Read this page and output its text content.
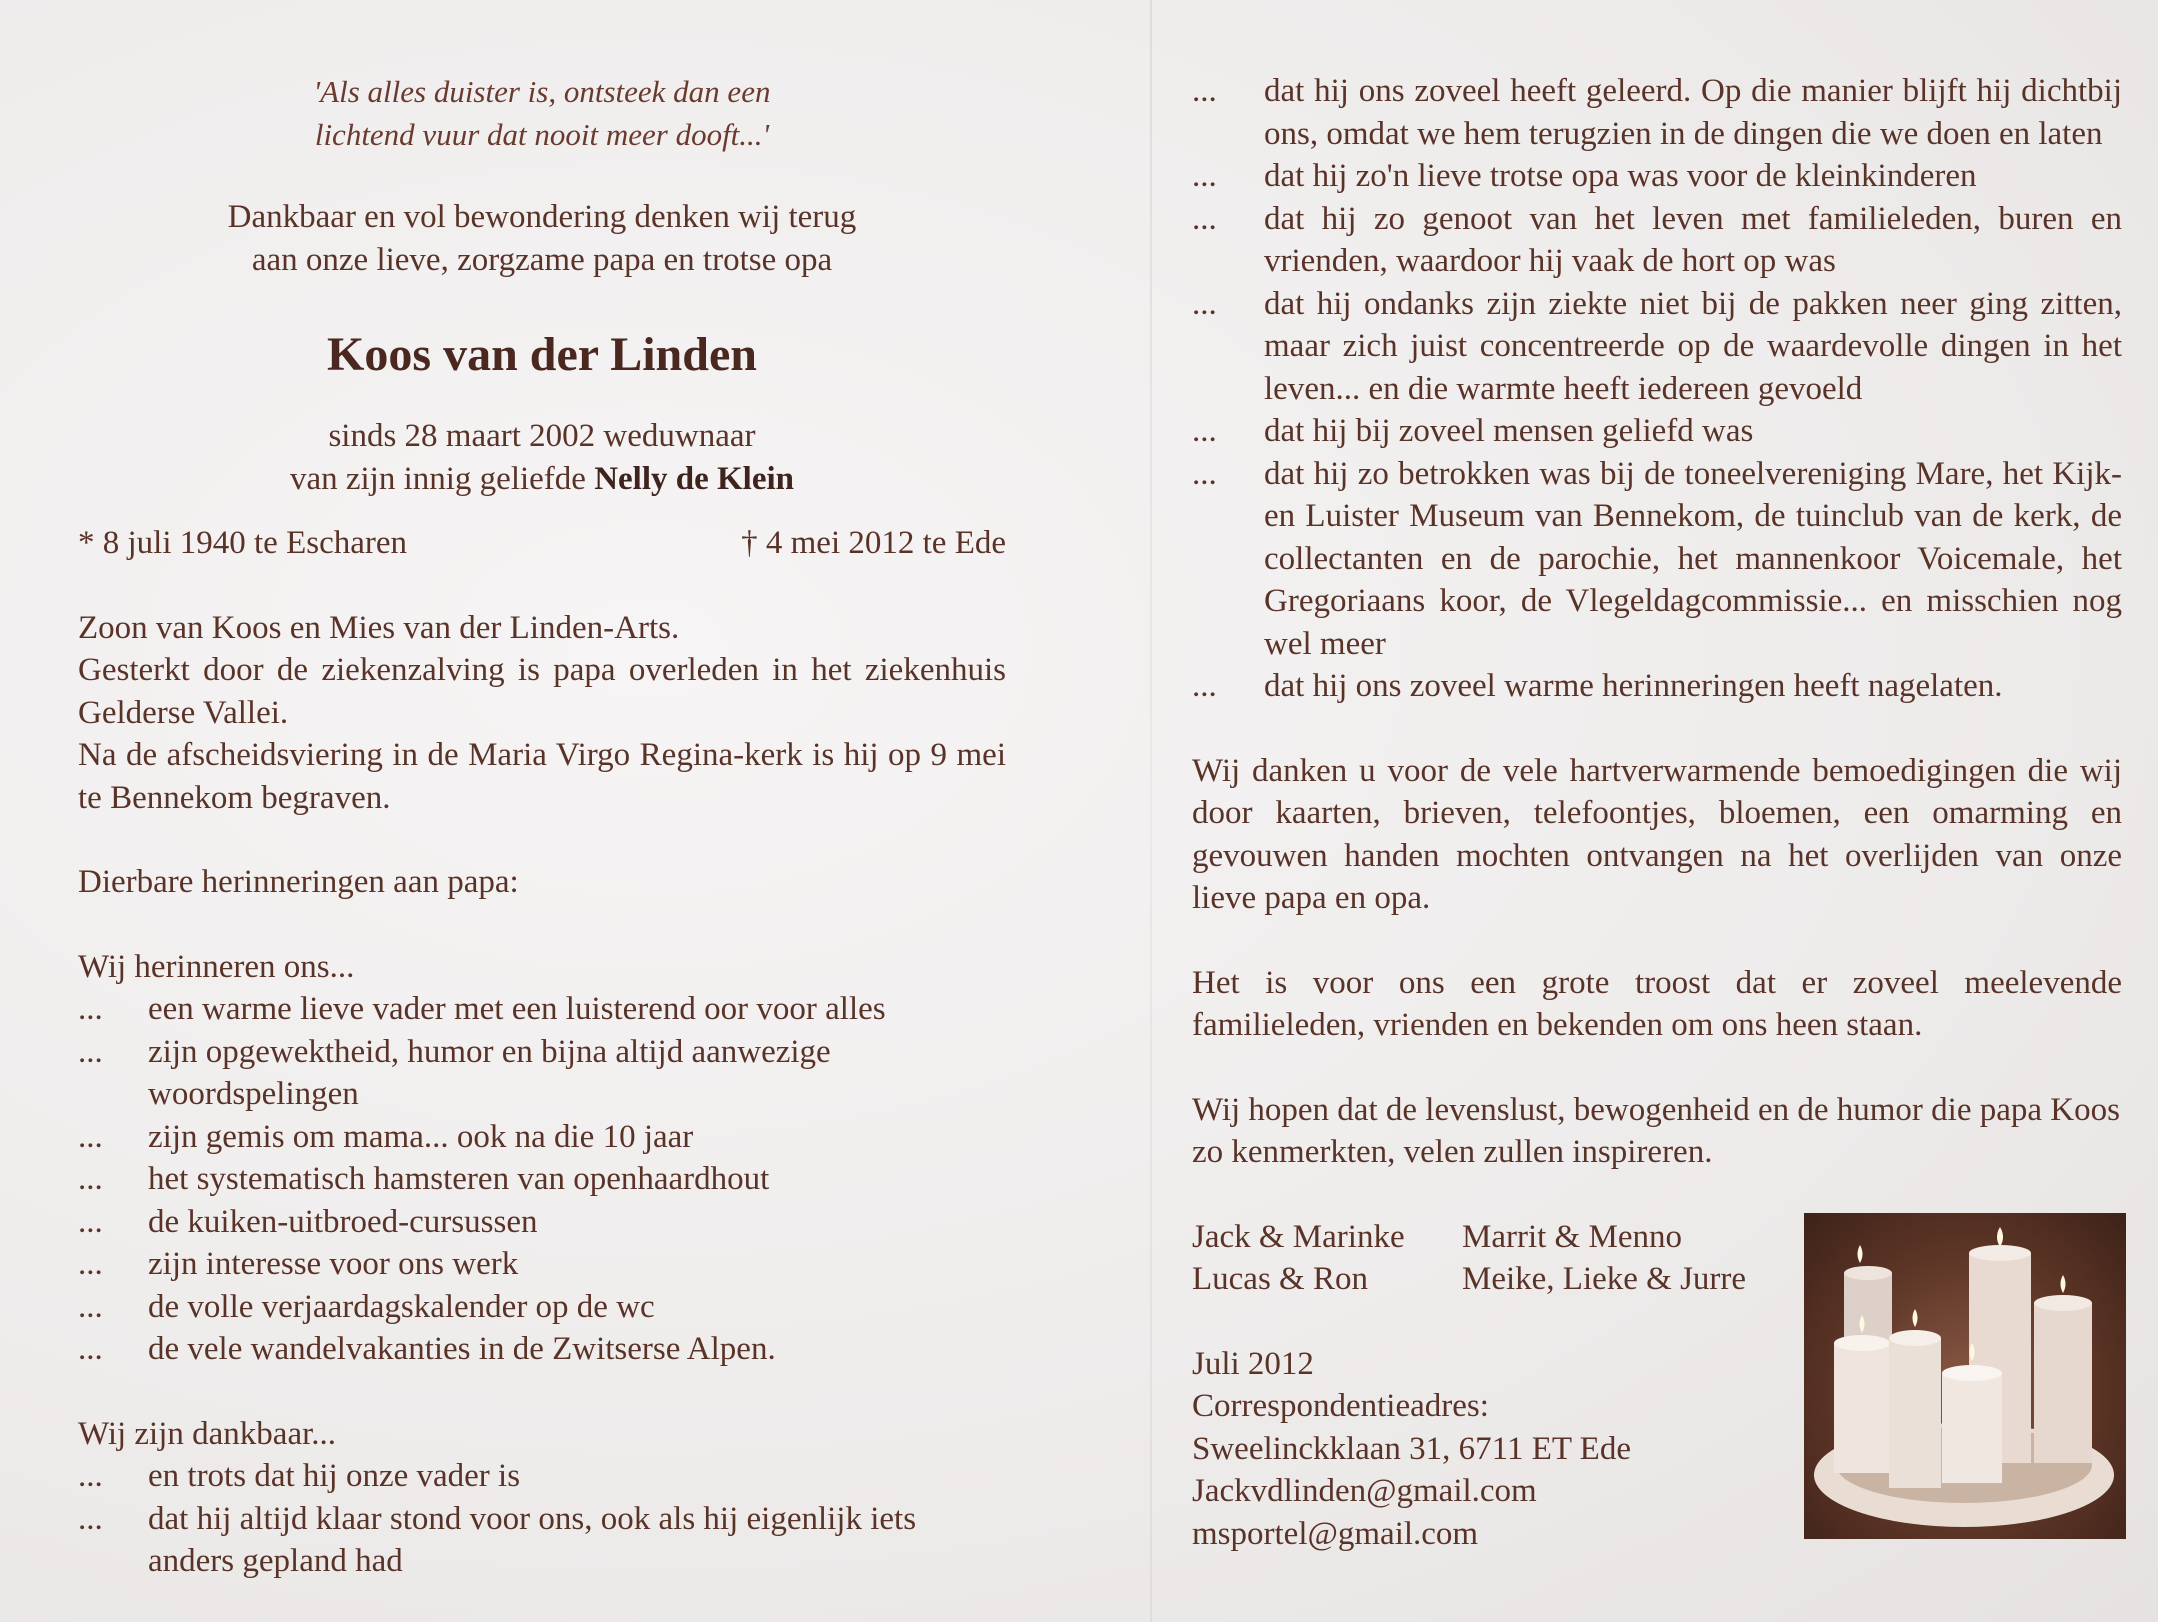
'Als alles duister is, ontsteek dan een
lichtend vuur dat nooit meer dooft...'
Dankbaar en vol bewondering denken wij terug
aan onze lieve, zorgzame papa en trotse opa
Koos van der Linden
sinds 28 maart 2002 weduwnaar
van zijn innig geliefde Nelly de Klein
* 8 juli 1940 te Escharen	† 4 mei 2012 te Ede
Zoon van Koos en Mies van der Linden-Arts.
Gesterkt door de ziekenzalving is papa overleden in het ziekenhuis Gelderse Vallei.
Na de afscheidsviering in de Maria Virgo Regina-kerk is hij op 9 mei te Bennekom begraven.
Dierbare herinneringen aan papa:
Wij herinneren ons...
...	een warme lieve vader met een luisterend oor voor alles
...	zijn opgewektheid, humor en bijna altijd aanwezige woordspelingen
...	zijn gemis om mama... ook na die 10 jaar
...	het systematisch hamsteren van openhaardhout
...	de kuiken-uitbroed-cursussen
...	zijn interesse voor ons werk
...	de volle verjaardagskalender op de wc
...	de vele wandelvakanties in de Zwitserse Alpen.
Wij zijn dankbaar...
...	en trots dat hij onze vader is
...	dat hij altijd klaar stond voor ons, ook als hij eigenlijk iets anders gepland had
...	dat hij ons zoveel heeft geleerd. Op die manier blijft hij dichtbij ons, omdat we hem terugzien in de dingen die we doen en laten
...	dat hij zo'n lieve trotse opa was voor de kleinkinderen
...	dat hij zo genoot van het leven met familieleden, buren en vrienden, waardoor hij vaak de hort op was
...	dat hij ondanks zijn ziekte niet bij de pakken neer ging zitten, maar zich juist concentreerde op de waardevolle dingen in het leven... en die warmte heeft iedereen gevoeld
...	dat hij bij zoveel mensen geliefd was
...	dat hij zo betrokken was bij de toneelvereniging Mare, het Kijk- en Luister Museum van Bennekom, de tuinclub van de kerk, de collectanten en de parochie, het mannenkoor Voicemale, het Gregoriaans koor, de Vlegeldagcommissie... en misschien nog wel meer
...	dat hij ons zoveel warme herinneringen heeft nagelaten.
Wij danken u voor de vele hartverwarmende bemoedigingen die wij door kaarten, brieven, telefoontjes, bloemen, een omarming en gevouwen handen mochten ontvangen na het overlijden van onze lieve papa en opa.
Het is voor ons een grote troost dat er zoveel meelevende familieleden, vrienden en bekenden om ons heen staan.
Wij hopen dat de levenslust, bewogenheid en de humor die papa Koos zo kenmerkten, velen zullen inspireren.
Jack & Marinke	Marrit & Menno
Lucas & Ron	Meike, Lieke & Jurre
Juli 2012
Correspondentieadres:
Sweelinckklaan 31, 6711 ET Ede
Jackvdlinden@gmail.com
msportel@gmail.com
